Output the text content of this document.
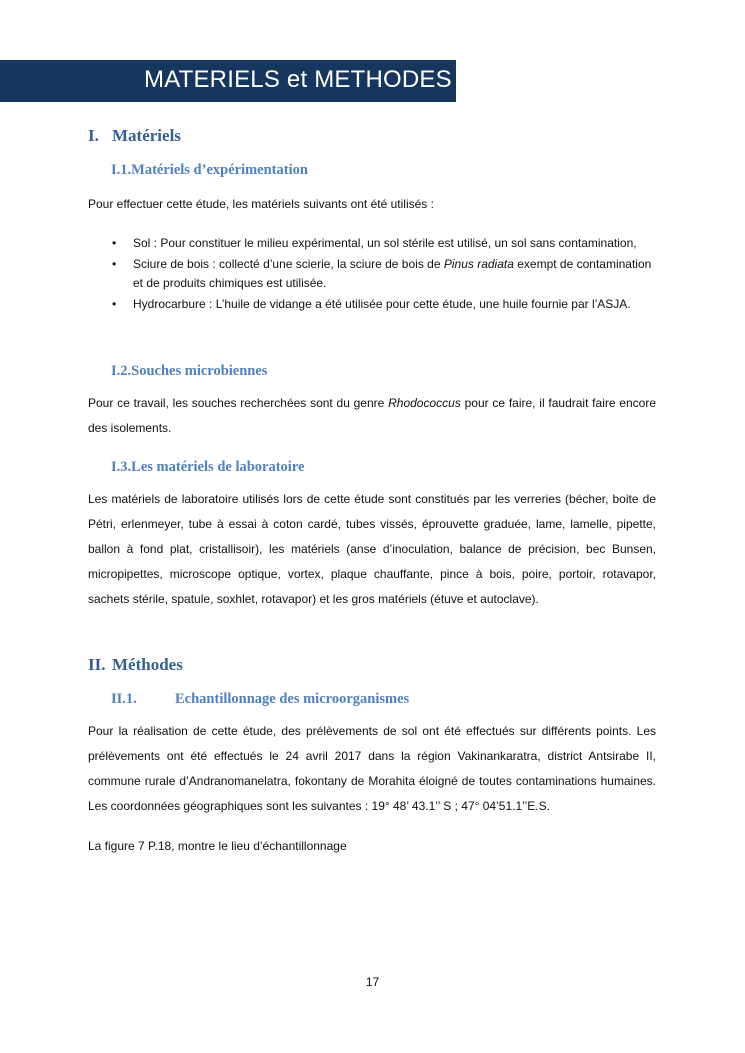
MATERIELS et METHODES
I. Matériels
I.1.Matériels d’expérimentation
Pour effectuer cette étude, les matériels suivants ont été utilisés :
• Sol : Pour constituer le milieu expérimental, un sol stérile est utilisé, un sol sans contamination,
• Sciure de bois : collecté d’une scierie, la sciure de bois de Pinus radiata exempt de contamination et de produits chimiques est utilisée.
• Hydrocarbure : L’huile de vidange a été utilisée pour cette étude, une huile fournie par l’ASJA.
I.2.Souches microbiennes
Pour ce travail, les souches recherchées sont du genre Rhodococcus pour ce faire, il faudrait faire encore des isolements.
I.3.Les matériels de laboratoire
Les matériels de laboratoire utilisés lors de cette étude sont constitués par les verreries (bécher, boite de Pétri, erlenmeyer, tube à essai à coton cardé, tubes vissés, éprouvette graduée, lame, lamelle, pipette, ballon à fond plat, cristallisoir), les matériels (anse d’inoculation, balance de précision, bec Bunsen, micropipettes, microscope optique, vortex, plaque chauffante, pince à bois, poire, portoir, rotavapor, sachets stérile, spatule, soxhlet, rotavapor) et les gros matériels (étuve et autoclave).
II. Méthodes
II.1.	Echantillonnage des microorganismes
Pour la réalisation de cette étude, des prélèvements de sol ont été effectués sur différents points. Les prélèvements ont été effectués le 24 avril 2017 dans la région Vakinankaratra, district Antsirabe II, commune rurale d’Andranomanelatra, fokontany de Morahita éloigné de toutes contaminations humaines. Les coordonnées géographiques sont les suivantes : 19° 48’ 43.1’’ S ; 47° 04’51.1’’E.S.
La figure 7 P.18, montre le lieu d’échantillonnage
17
